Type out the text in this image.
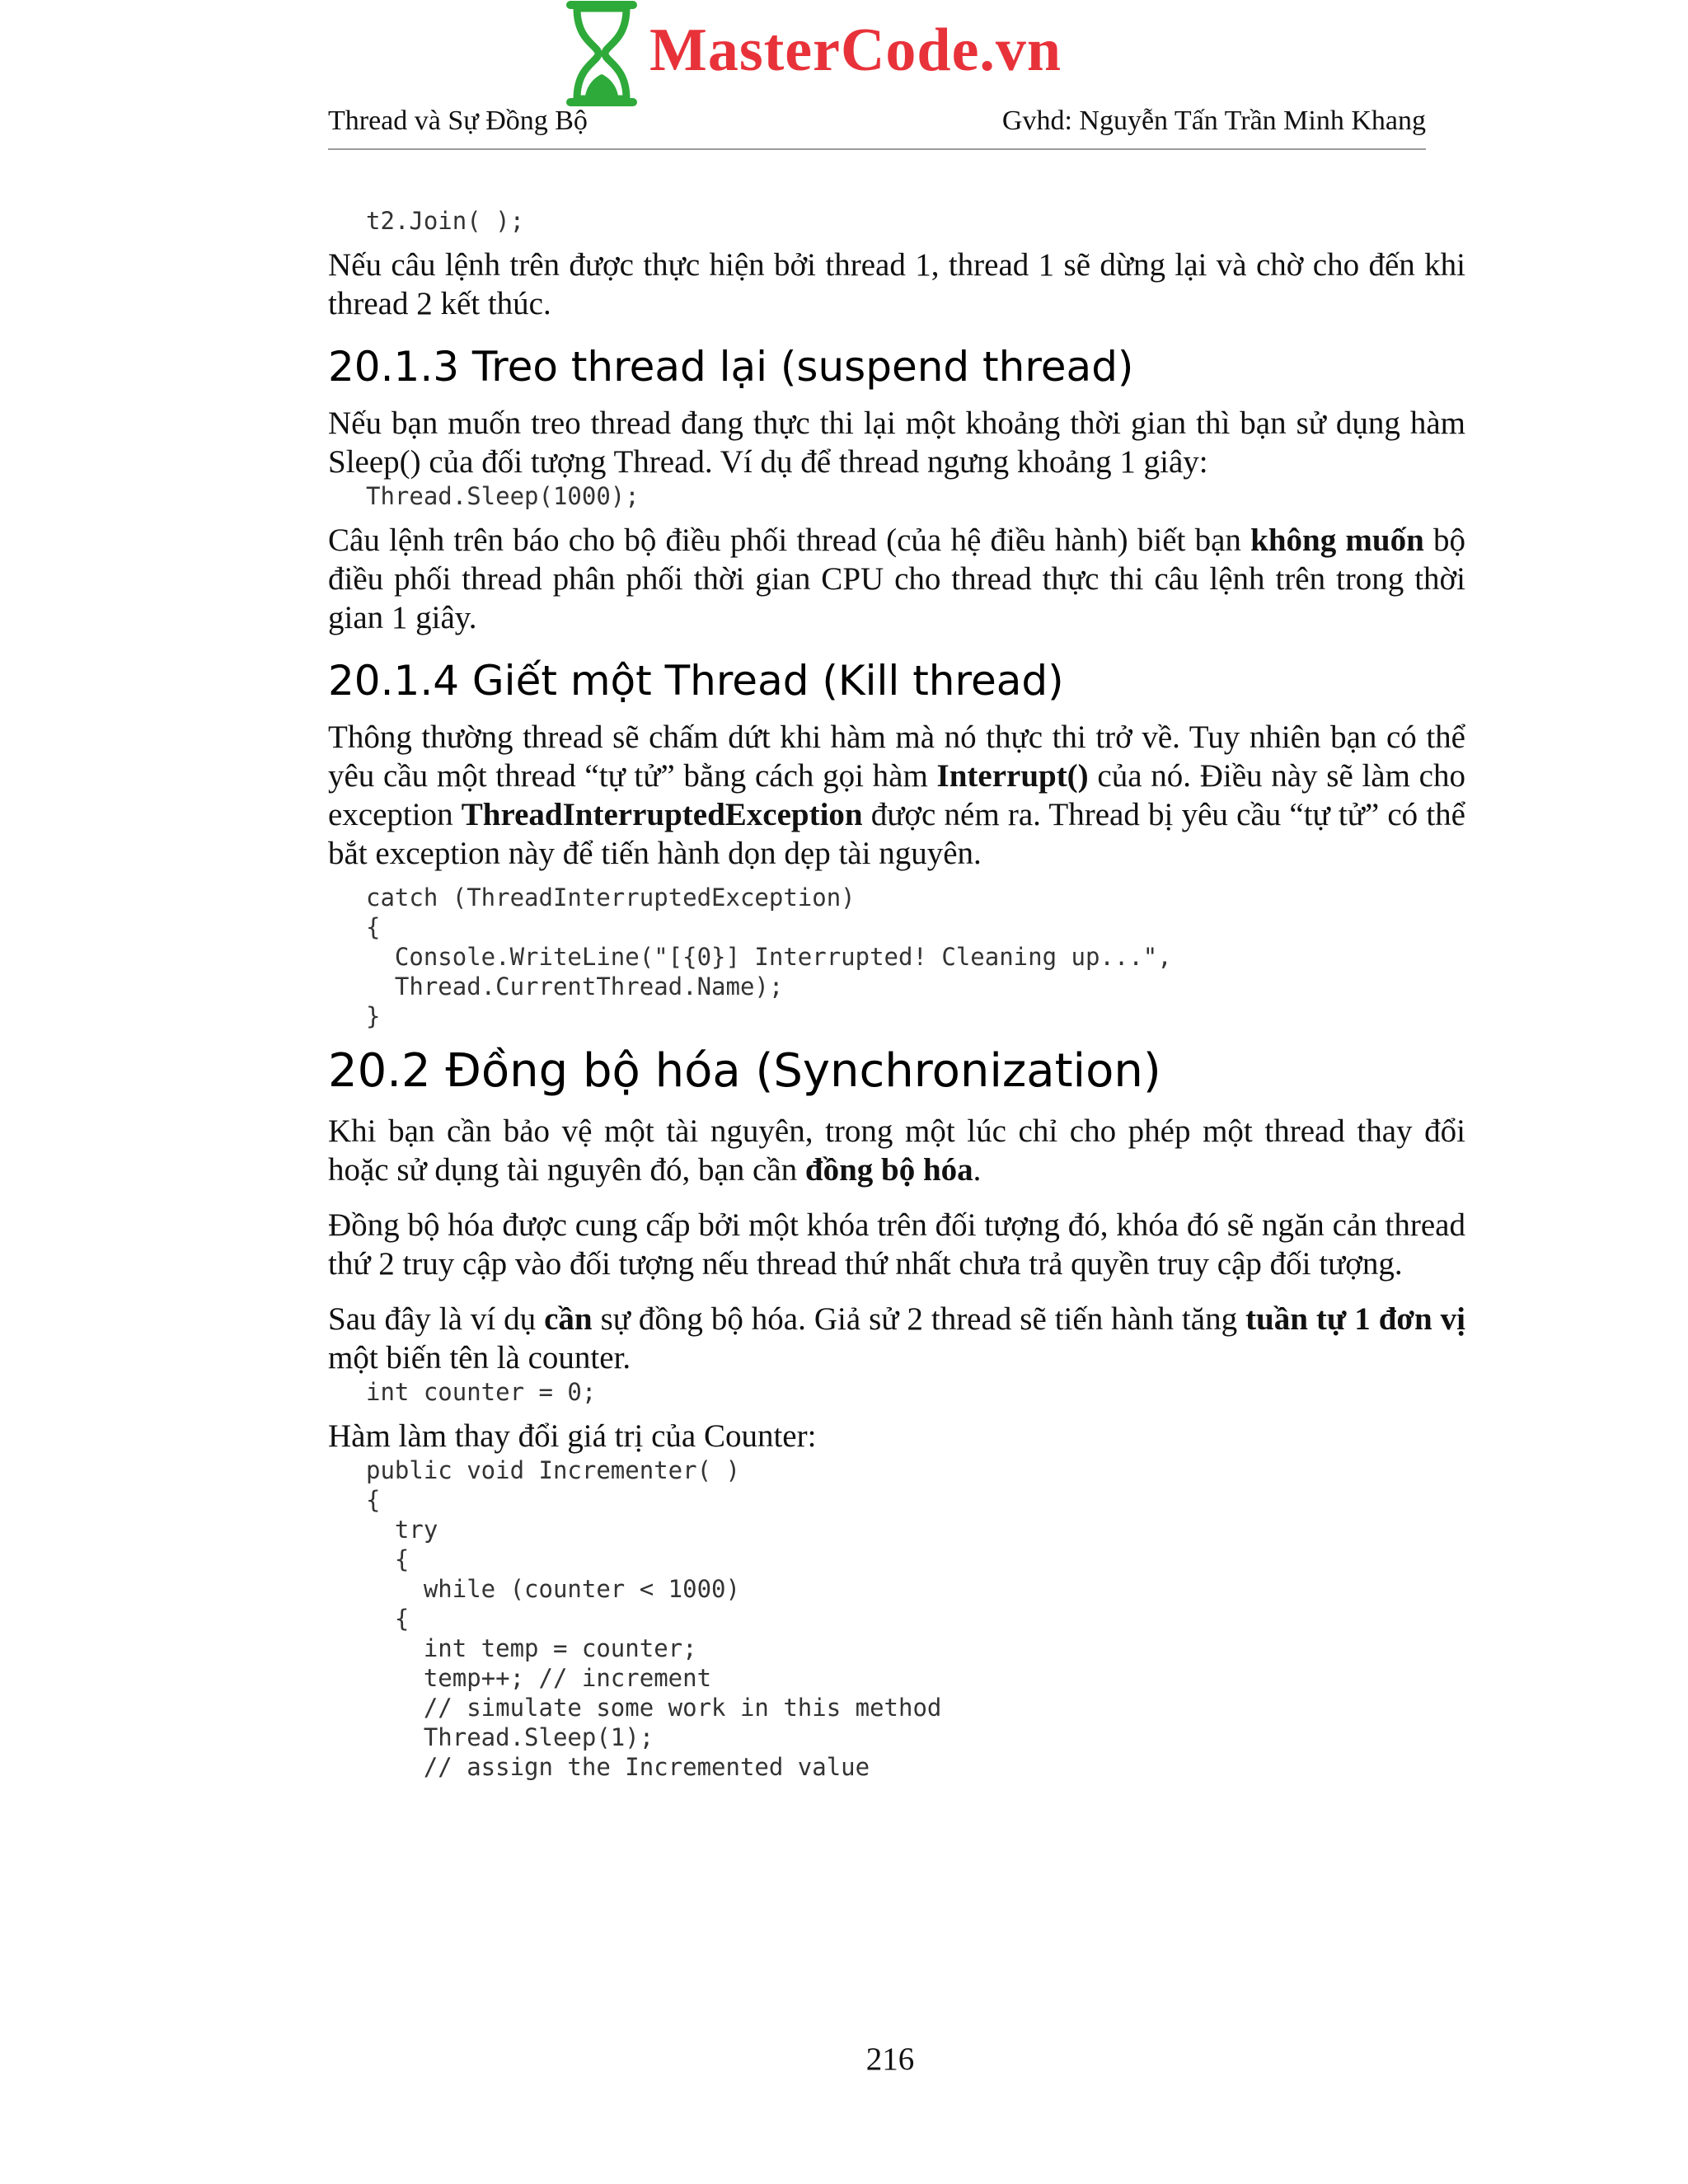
MasterCode.vn
Thread và Sự Đồng Bộ	Gvhd: Nguyễn Tấn Trần Minh Khang
t2.Join( );

Nếu câu lệnh trên được thực hiện bởi thread 1, thread 1 sẽ dừng lại và chờ cho đến khi thread 2 kết thúc.

20.1.3 Treo thread lại (suspend thread)

Nếu bạn muốn treo thread đang thực thi lại một khoảng thời gian thì bạn sử dụng hàm Sleep() của đối tượng Thread. Ví dụ để thread ngưng khoảng 1 giây:

Thread.Sleep(1000);

Câu lệnh trên báo cho bộ điều phối thread (của hệ điều hành) biết bạn không muốn bộ điều phối thread phân phối thời gian CPU cho thread thực thi câu lệnh trên trong thời gian 1 giây.

20.1.4 Giết một Thread (Kill thread)

Thông thường thread sẽ chấm dứt khi hàm mà nó thực thi trở về. Tuy nhiên bạn có thể yêu cầu một thread “tự tử” bằng cách gọi hàm Interrupt() của nó. Điều này sẽ làm cho exception ThreadInterruptedException được ném ra. Thread bị yêu cầu “tự tử” có thể bắt exception này để tiến hành dọn dẹp tài nguyên.

catch (ThreadInterruptedException)
{
Console.WriteLine("[{0}] Interrupted! Cleaning up...",
Thread.CurrentThread.Name);
}
20.2 Đồng bộ hóa (Synchronization)

Khi bạn cần bảo vệ một tài nguyên, trong một lúc chỉ cho phép một thread thay đổi hoặc sử dụng tài nguyên đó, bạn cần đồng bộ hóa.

Đồng bộ hóa được cung cấp bởi một khóa trên đối tượng đó, khóa đó sẽ ngăn cản thread thứ 2 truy cập vào đối tượng nếu thread thứ nhất chưa trả quyền truy cập đối tượng.

Sau đây là ví dụ cần sự đồng bộ hóa. Giả sử 2 thread sẽ tiến hành tăng tuần tự 1 đơn vị một biến tên là counter.

int counter = 0;

Hàm làm thay đổi giá trị của Counter:

public void Incrementer( )
{
try
{
while (counter < 1000)
{
int temp = counter;
temp++; // increment
// simulate some work in this method
Thread.Sleep(1);
// assign the Incremented value
216
